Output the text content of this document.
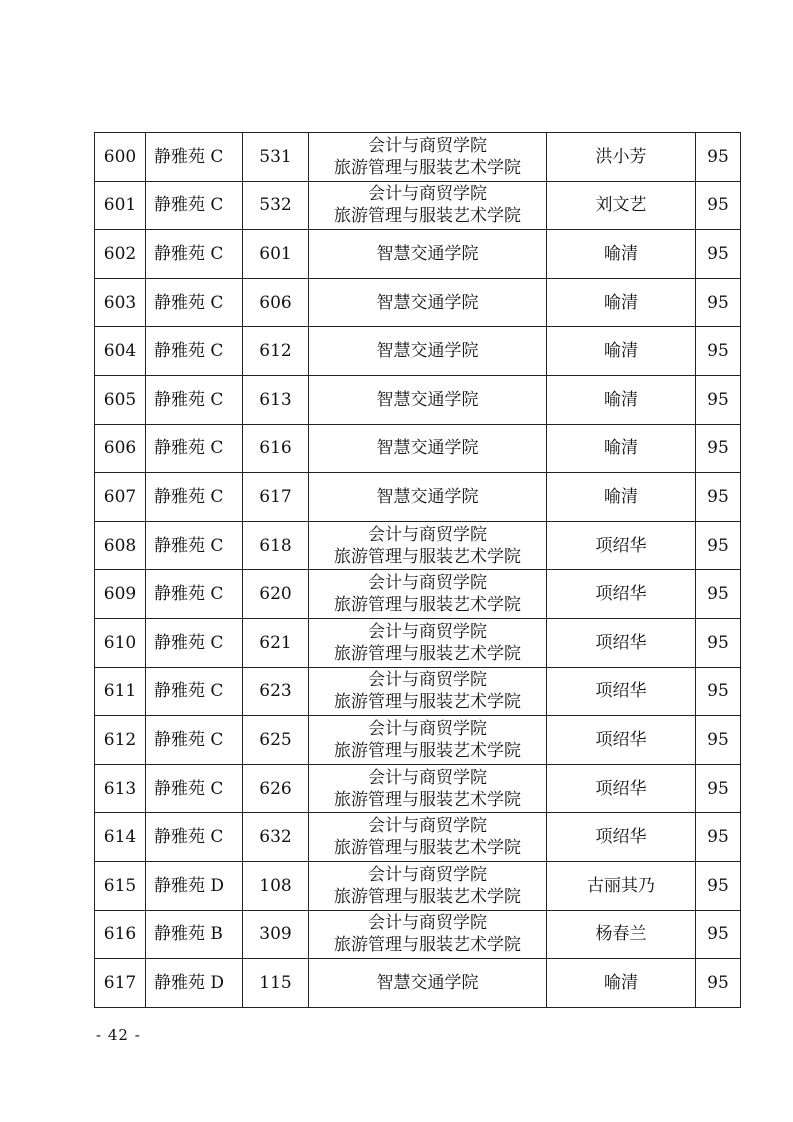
600	静雅苑 C	531	会计与商贸学院
旅游管理与服装艺术学院	洪小芳	95
601	静雅苑 C	532	会计与商贸学院
旅游管理与服装艺术学院	刘文艺	95
602	静雅苑 C	601	智慧交通学院	喻清	95
603	静雅苑 C	606	智慧交通学院	喻清	95
604	静雅苑 C	612	智慧交通学院	喻清	95
605	静雅苑 C	613	智慧交通学院	喻清	95
606	静雅苑 C	616	智慧交通学院	喻清	95
607	静雅苑 C	617	智慧交通学院	喻清	95
608	静雅苑 C	618	会计与商贸学院
旅游管理与服装艺术学院	项绍华	95
609	静雅苑 C	620	会计与商贸学院
旅游管理与服装艺术学院	项绍华	95
610	静雅苑 C	621	会计与商贸学院
旅游管理与服装艺术学院	项绍华	95
611	静雅苑 C	623	会计与商贸学院
旅游管理与服装艺术学院	项绍华	95
612	静雅苑 C	625	会计与商贸学院
旅游管理与服装艺术学院	项绍华	95
613	静雅苑 C	626	会计与商贸学院
旅游管理与服装艺术学院	项绍华	95
614	静雅苑 C	632	会计与商贸学院
旅游管理与服装艺术学院	项绍华	95
615	静雅苑 D	108	会计与商贸学院
旅游管理与服装艺术学院	古丽其乃	95
616	静雅苑 B	309	会计与商贸学院
旅游管理与服装艺术学院	杨春兰	95
617	静雅苑 D	115	智慧交通学院	喻清	95
- 42 -
